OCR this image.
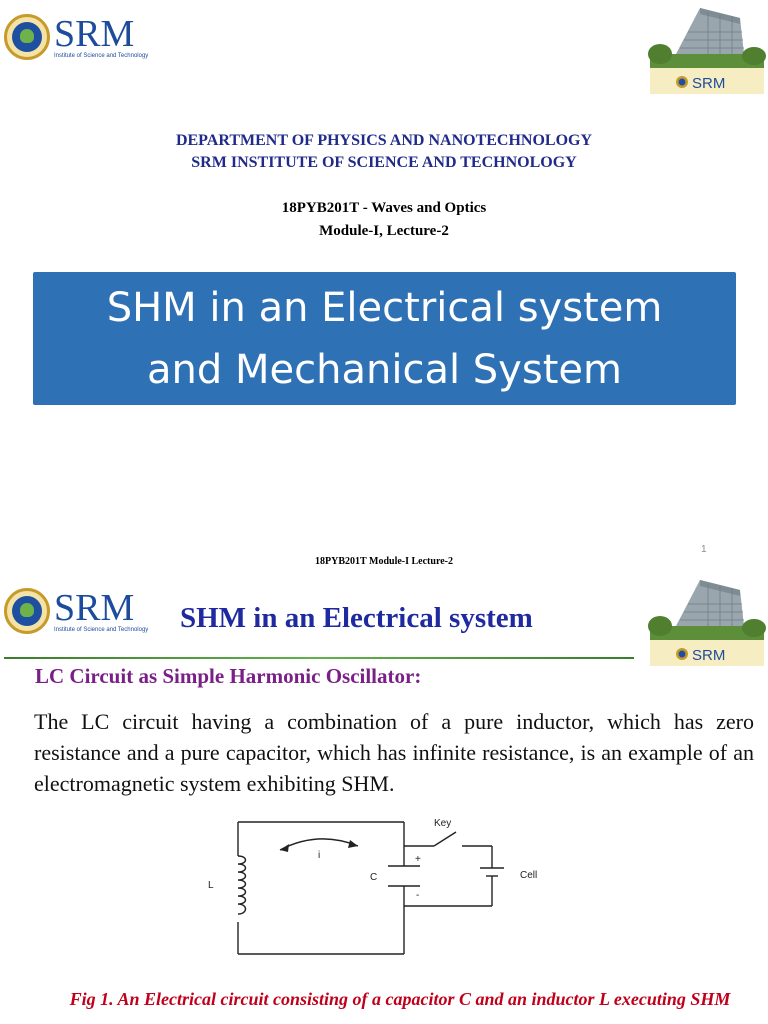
SRM
Institute of Science and Technology
SRM
DEPARTMENT OF PHYSICS AND NANOTECHNOLOGY
SRM INSTITUTE OF SCIENCE AND TECHNOLOGY
18PYB201T - Waves and Optics
Module-I, Lecture-2
SHM in an Electrical system
and Mechanical System
18PYB201T Module-I Lecture-2
1
SRM
Institute of Science and Technology SHM in an Electrical system
SRM
LC Circuit as Simple Harmonic Oscillator:
The LC circuit having a combination of a pure inductor, which has zero resistance and a pure capacitor, which has infinite resistance, is an example of an electromagnetic system exhibiting SHM.
Key
i
L
C
+
-
Cell
Fig 1. An Electrical circuit consisting of a capacitor C and an inductor L executing SHM
